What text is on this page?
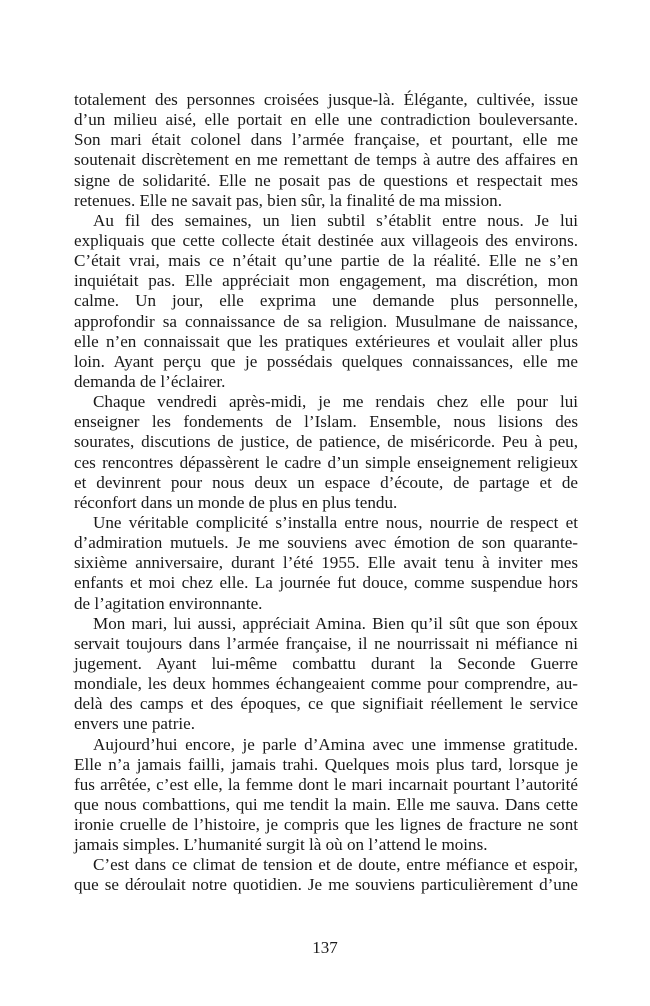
totalement des personnes croisées jusque-là. Élégante, cultivée, issue
d’un milieu aisé, elle portait en elle une contradiction bouleversante.
Son mari était colonel dans l’armée française, et pourtant, elle me
soutenait discrètement en me remettant de temps à autre des affaires en
signe de solidarité. Elle ne posait pas de questions et respectait mes
retenues. Elle ne savait pas, bien sûr, la finalité de ma mission.
Au fil des semaines, un lien subtil s’établit entre nous. Je lui
expliquais que cette collecte était destinée aux villageois des environs.
C’était vrai, mais ce n’était qu’une partie de la réalité. Elle ne s’en
inquiétait pas. Elle appréciait mon engagement, ma discrétion, mon
calme. Un jour, elle exprima une demande plus personnelle,
approfondir sa connaissance de sa religion. Musulmane de naissance,
elle n’en connaissait que les pratiques extérieures et voulait aller plus
loin. Ayant perçu que je possédais quelques connaissances, elle me
demanda de l’éclairer.
Chaque vendredi après-midi, je me rendais chez elle pour lui
enseigner les fondements de l’Islam. Ensemble, nous lisions des
sourates, discutions de justice, de patience, de miséricorde. Peu à peu,
ces rencontres dépassèrent le cadre d’un simple enseignement religieux
et devinrent pour nous deux un espace d’écoute, de partage et de
réconfort dans un monde de plus en plus tendu.
Une véritable complicité s’installa entre nous, nourrie de respect et
d’admiration mutuels. Je me souviens avec émotion de son quarante-
sixième anniversaire, durant l’été 1955. Elle avait tenu à inviter mes
enfants et moi chez elle. La journée fut douce, comme suspendue hors
de l’agitation environnante.
Mon mari, lui aussi, appréciait Amina. Bien qu’il sût que son époux
servait toujours dans l’armée française, il ne nourrissait ni méfiance ni
jugement. Ayant lui-même combattu durant la Seconde Guerre
mondiale, les deux hommes échangeaient comme pour comprendre, au-
delà des camps et des époques, ce que signifiait réellement le service
envers une patrie.
Aujourd’hui encore, je parle d’Amina avec une immense gratitude.
Elle n’a jamais failli, jamais trahi. Quelques mois plus tard, lorsque je
fus arrêtée, c’est elle, la femme dont le mari incarnait pourtant l’autorité
que nous combattions, qui me tendit la main. Elle me sauva. Dans cette
ironie cruelle de l’histoire, je compris que les lignes de fracture ne sont
jamais simples. L’humanité surgit là où on l’attend le moins.
C’est dans ce climat de tension et de doute, entre méfiance et espoir,
que se déroulait notre quotidien. Je me souviens particulièrement d’une
137
